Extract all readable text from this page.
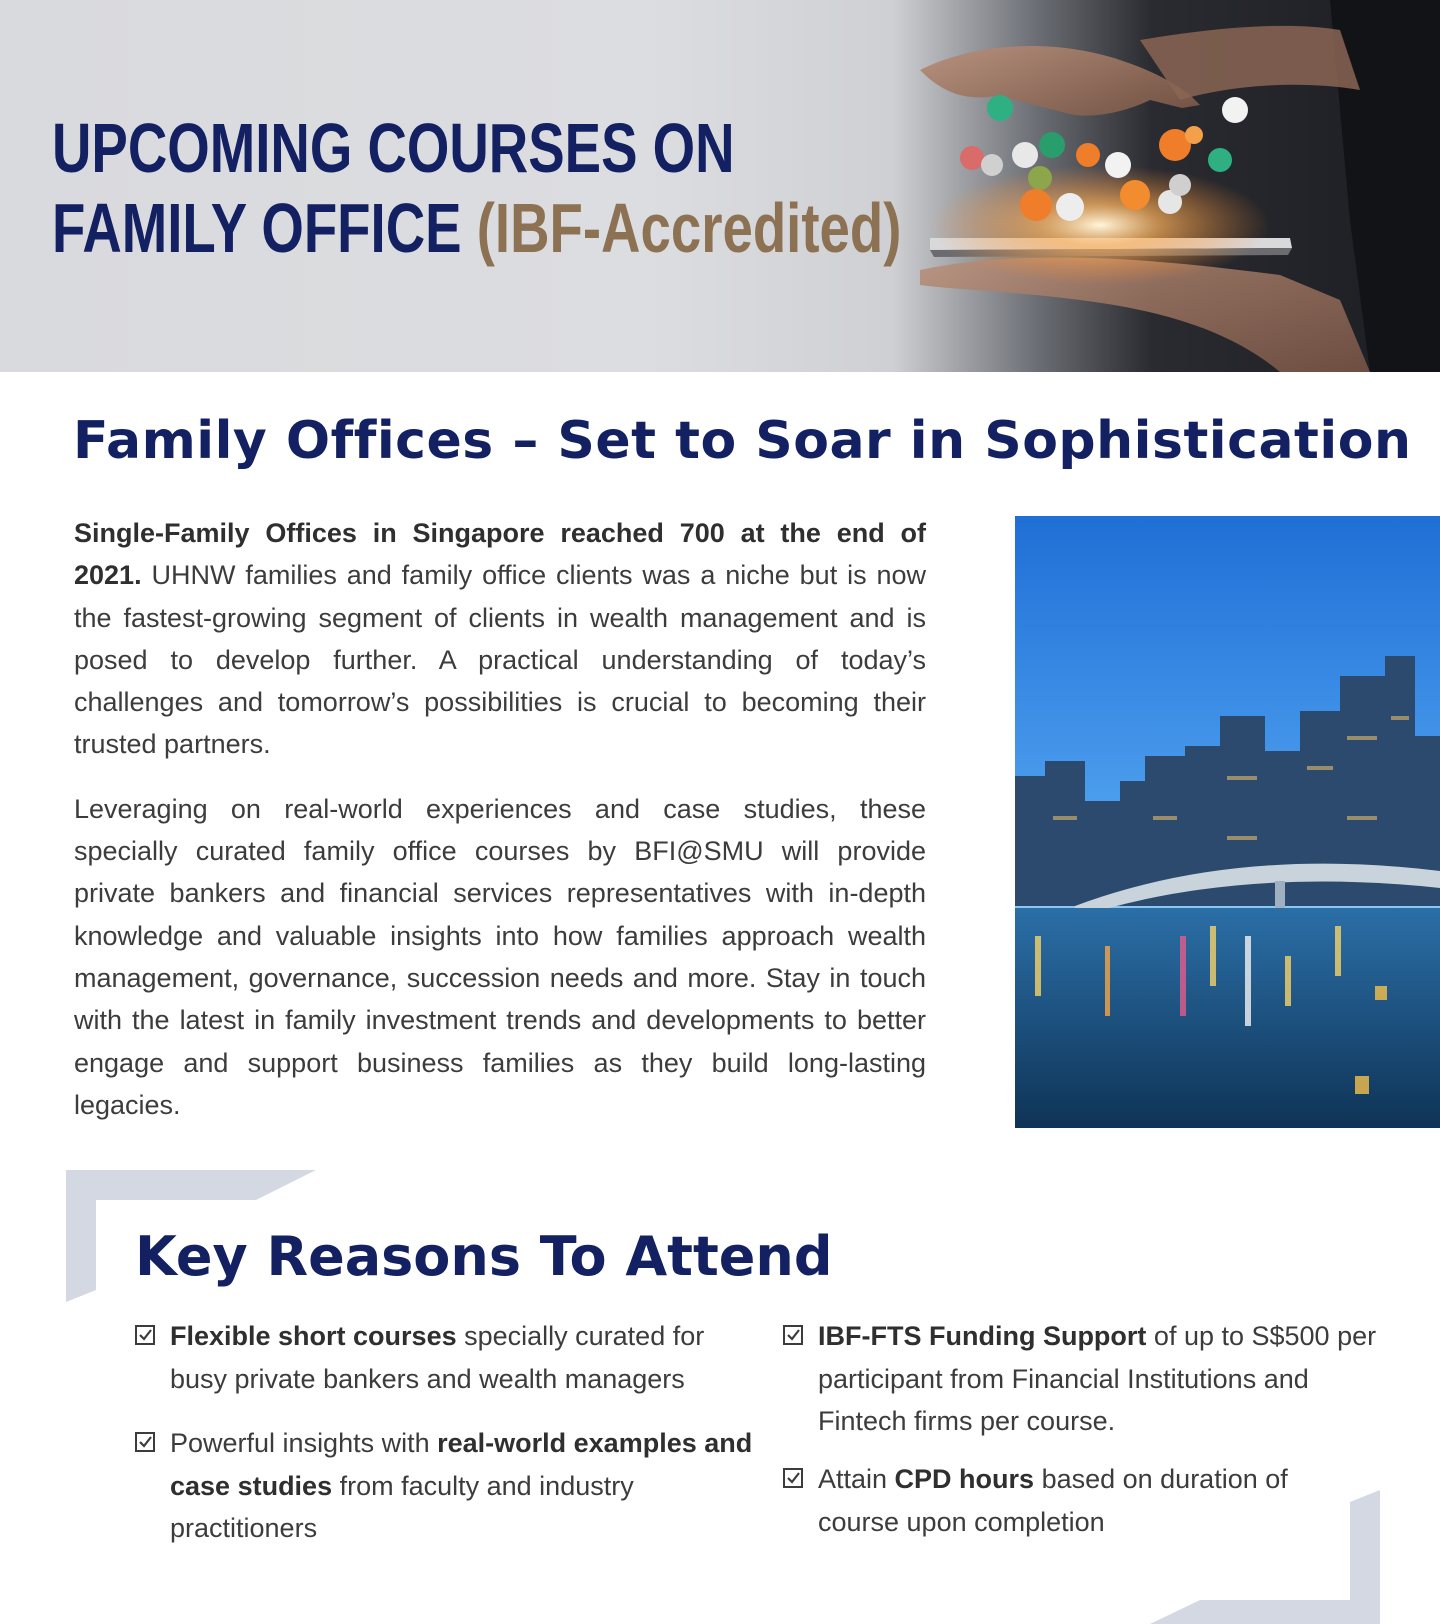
UPCOMING COURSES ON
FAMILY OFFICE (IBF-Accredited)
Family Offices – Set to Soar in Sophistication

Single-Family Offices in Singapore reached 700 at the end of 2021. UHNW families and family office clients was a niche but is now the fastest-growing segment of clients in wealth management and is posed to develop further. A practical understanding of today’s challenges and tomorrow’s possibilities is crucial to becoming their trusted partners.

Leveraging on real-world experiences and case studies, these specially curated family office courses by BFI@SMU will provide private bankers and financial services representatives with in-depth knowledge and valuable insights into how families approach wealth management, governance, succession needs and more. Stay in touch with the latest in family investment trends and developments to better engage and support business families as they build long-lasting legacies.

Key Reasons To Attend
Flexible short courses specially curated for busy private bankers and wealth managers
Powerful insights with real-world examples and case studies from faculty and industry practitioners
IBF-FTS Funding Support of up to S$500 per participant from Financial Institutions and Fintech firms per course.
Attain CPD hours based on duration of course upon completion
